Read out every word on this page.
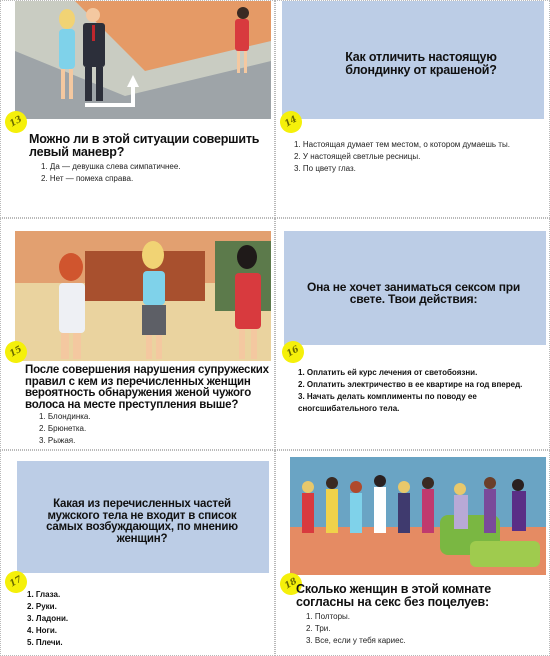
13
Можно ли в этой ситуации совершить левый маневр?
1. Да — девушка слева симпатичнее.
2. Нет — помеха справа.
Как отличить настоящую блондинку от крашеной?
14
1. Настоящая думает тем местом, о котором думаешь ты.
2. У настоящей светлые ресницы.
3. По цвету глаз.
15
После совершения нарушения супружеских правил с кем из перечисленных женщин вероятность обнаружения женой чужого волоса на месте преступления выше?
1. Блондинка.
2. Брюнетка.
3. Рыжая.
Она не хочет заниматься сексом при свете. Твои действия:
16
1. Оплатить ей курс лечения от светобоязни.
2. Оплатить электричество в ее квартире на год вперед.
3. Начать делать комплименты по поводу ее сногсшибательного тела.
Какая из перечисленных частей мужского тела не входит в список самых возбуждающих, по мнению женщин?
17
1. Глаза.
2. Руки.
3. Ладони.
4. Ноги.
5. Плечи.
18
Сколько женщин в этой комнате согласны на секс без поцелуев:
1. Полторы.
2. Три.
3. Все, если у тебя кариес.
